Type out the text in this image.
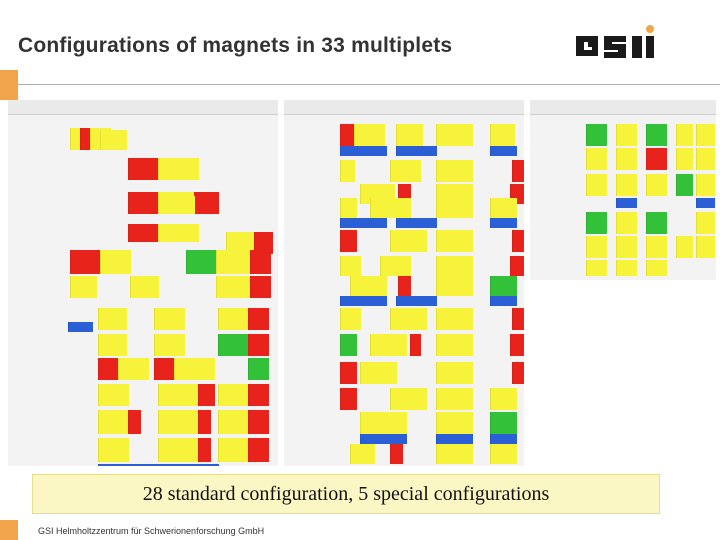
Configurations of magnets in 33 multiplets
28 standard configuration, 5 special configurations
GSI Helmholtzzentrum für Schwerionenforschung GmbH
